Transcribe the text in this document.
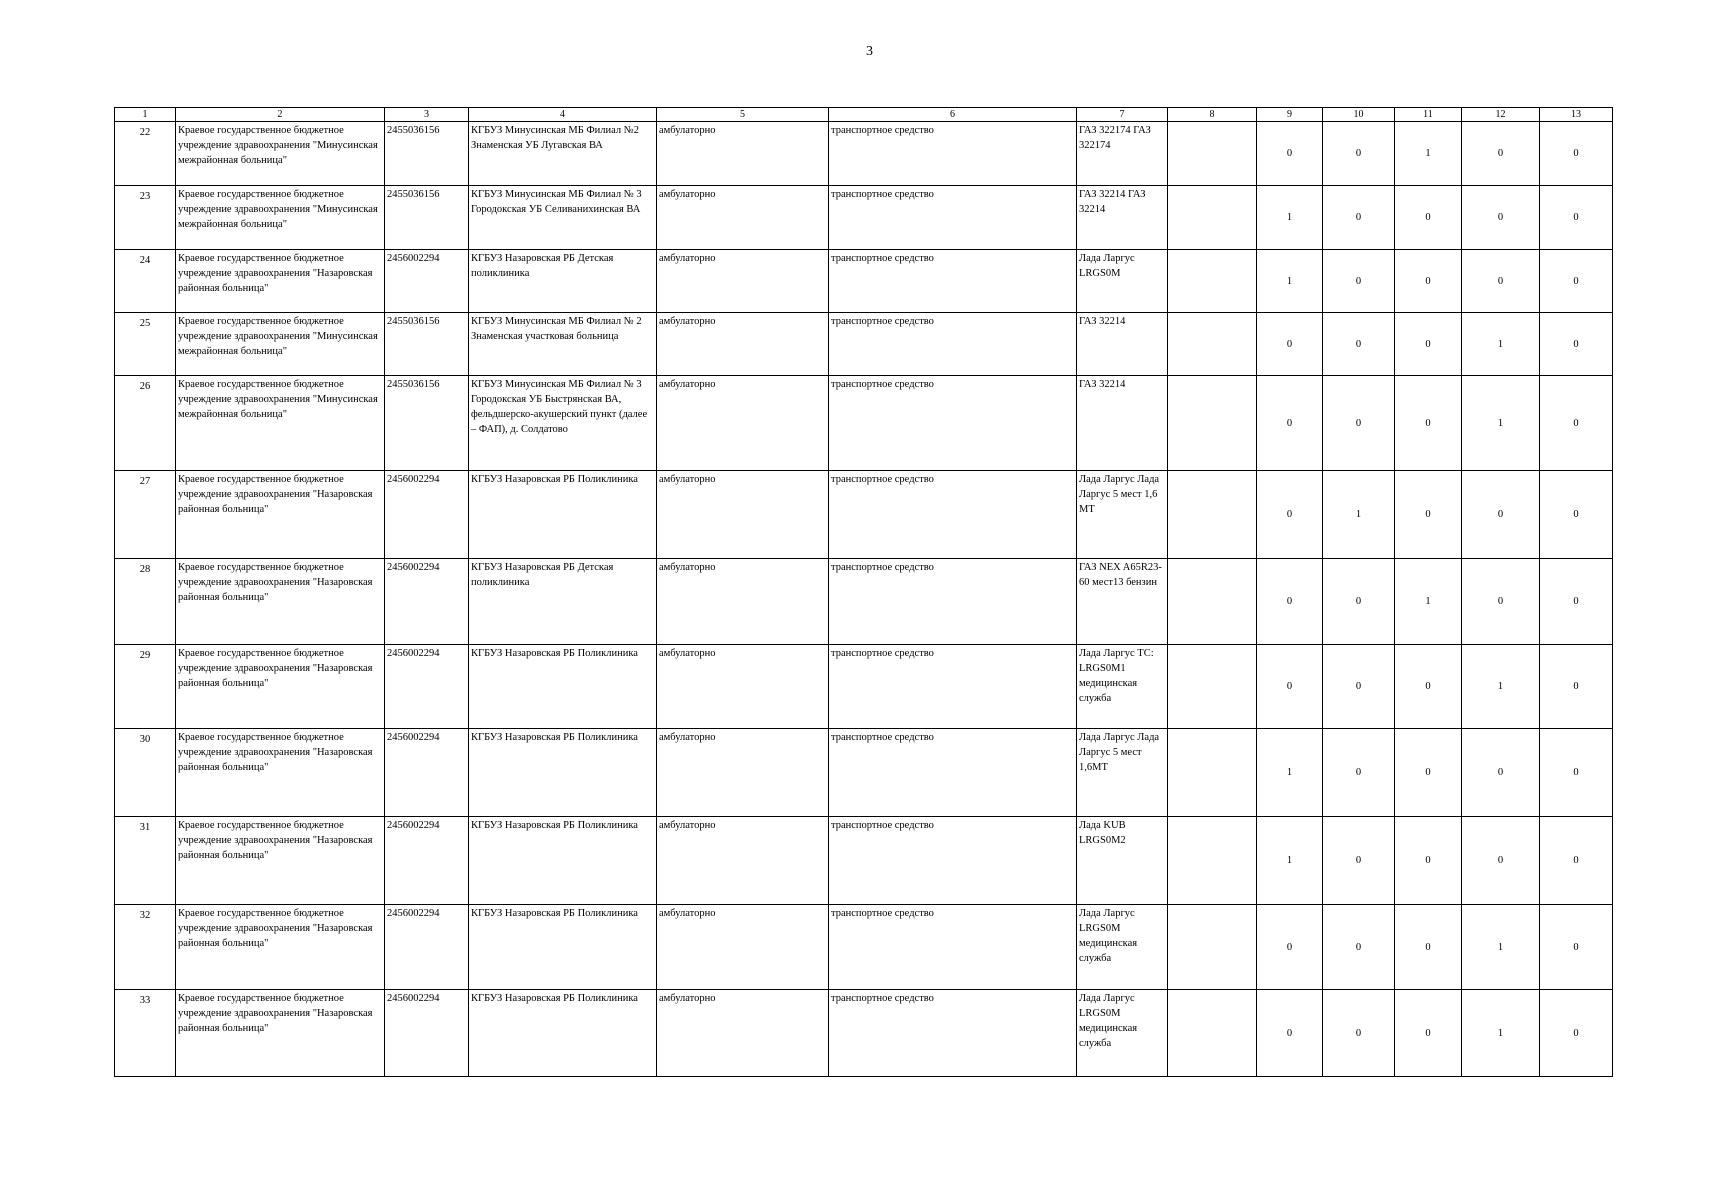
3
1	2	3	4	5	6	7	8	9	10	11	12	13
22	Краевое государственное бюджетное учреждение здравоохранения "Минусинская межрайонная больница"	2455036156	КГБУЗ Минусинская МБ Филиал №2 Знаменская УБ Лугавская ВА	амбулаторно	транспортное средство	ГАЗ 322174 ГАЗ 322174		0	0	1	0	0
23	Краевое государственное бюджетное учреждение здравоохранения "Минусинская межрайонная больница"	2455036156	КГБУЗ Минусинская МБ Филиал № 3 Городокская УБ Селиванихинская ВА	амбулаторно	транспортное средство	ГАЗ 32214 ГАЗ 32214		1	0	0	0	0
24	Краевое государственное бюджетное учреждение здравоохранения "Назаровская районная больница"	2456002294	КГБУЗ Назаровская РБ Детская поликлиника	амбулаторно	транспортное средство	Лада Ларгус LRGS0M		1	0	0	0	0
25	Краевое государственное бюджетное учреждение здравоохранения "Минусинская межрайонная больница"	2455036156	КГБУЗ Минусинская МБ Филиал № 2 Знаменская участковая больница	амбулаторно	транспортное средство	ГАЗ 32214		0	0	0	1	0
26	Краевое государственное бюджетное учреждение здравоохранения "Минусинская межрайонная больница"	2455036156	КГБУЗ Минусинская МБ Филиал № 3 Городокская УБ Быстрянская ВА, фельдшерско-акушерский пункт (далее – ФАП), д. Солдатово	амбулаторно	транспортное средство	ГАЗ 32214		0	0	0	1	0
27	Краевое государственное бюджетное учреждение здравоохранения "Назаровская районная больница"	2456002294	КГБУЗ Назаровская РБ Поликлиника	амбулаторно	транспортное средство	Лада Ларгус Лада Ларгус 5 мест 1,6 МТ		0	1	0	0	0
28	Краевое государственное бюджетное учреждение здравоохранения "Назаровская районная больница"	2456002294	КГБУЗ Назаровская РБ Детская поликлиника	амбулаторно	транспортное средство	ГАЗ NEX A65R23-60 мест13 бензин		0	0	1	0	0
29	Краевое государственное бюджетное учреждение здравоохранения "Назаровская районная больница"	2456002294	КГБУЗ Назаровская РБ Поликлиника	амбулаторно	транспортное средство	Лада Ларгус ТС: LRGS0M1 медицинская служба		0	0	0	1	0
30	Краевое государственное бюджетное учреждение здравоохранения "Назаровская районная больница"	2456002294	КГБУЗ Назаровская РБ Поликлиника	амбулаторно	транспортное средство	Лада Ларгус Лада Ларгус 5 мест 1,6МТ		1	0	0	0	0
31	Краевое государственное бюджетное учреждение здравоохранения "Назаровская районная больница"	2456002294	КГБУЗ Назаровская РБ Поликлиника	амбулаторно	транспортное средство	Лада KUB LRGS0M2		1	0	0	0	0
32	Краевое государственное бюджетное учреждение здравоохранения "Назаровская районная больница"	2456002294	КГБУЗ Назаровская РБ Поликлиника	амбулаторно	транспортное средство	Лада Ларгус LRGS0M медицинская служба		0	0	0	1	0
33	Краевое государственное бюджетное учреждение здравоохранения "Назаровская районная больница"	2456002294	КГБУЗ Назаровская РБ Поликлиника	амбулаторно	транспортное средство	Лада Ларгус LRGS0M медицинская служба		0	0	0	1	0
